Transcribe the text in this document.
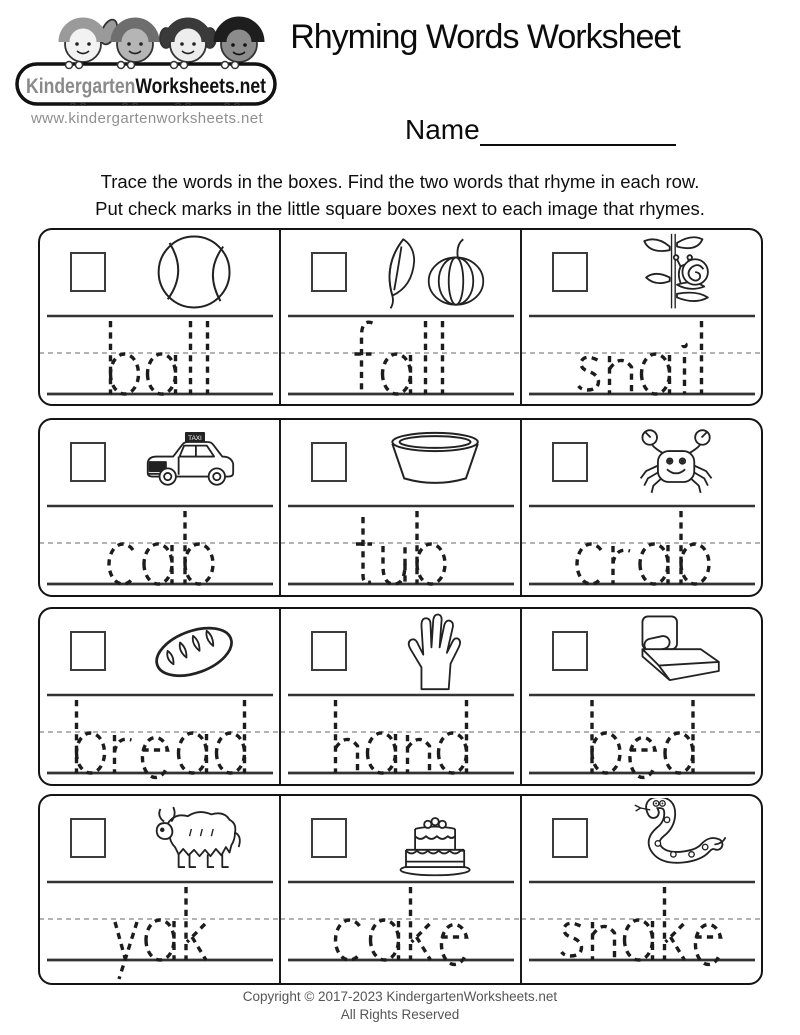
KindergartenWorksheets.net
www.kindergartenworksheets.net
Rhyming Words Worksheet
Name
Trace the words in the boxes. Find the two words that rhyme in each row.
Put check marks in the little square boxes next to each image that rhymes.
TAXI
Copyright © 2017-2023 KindergartenWorksheets.net
All Rights Reserved
